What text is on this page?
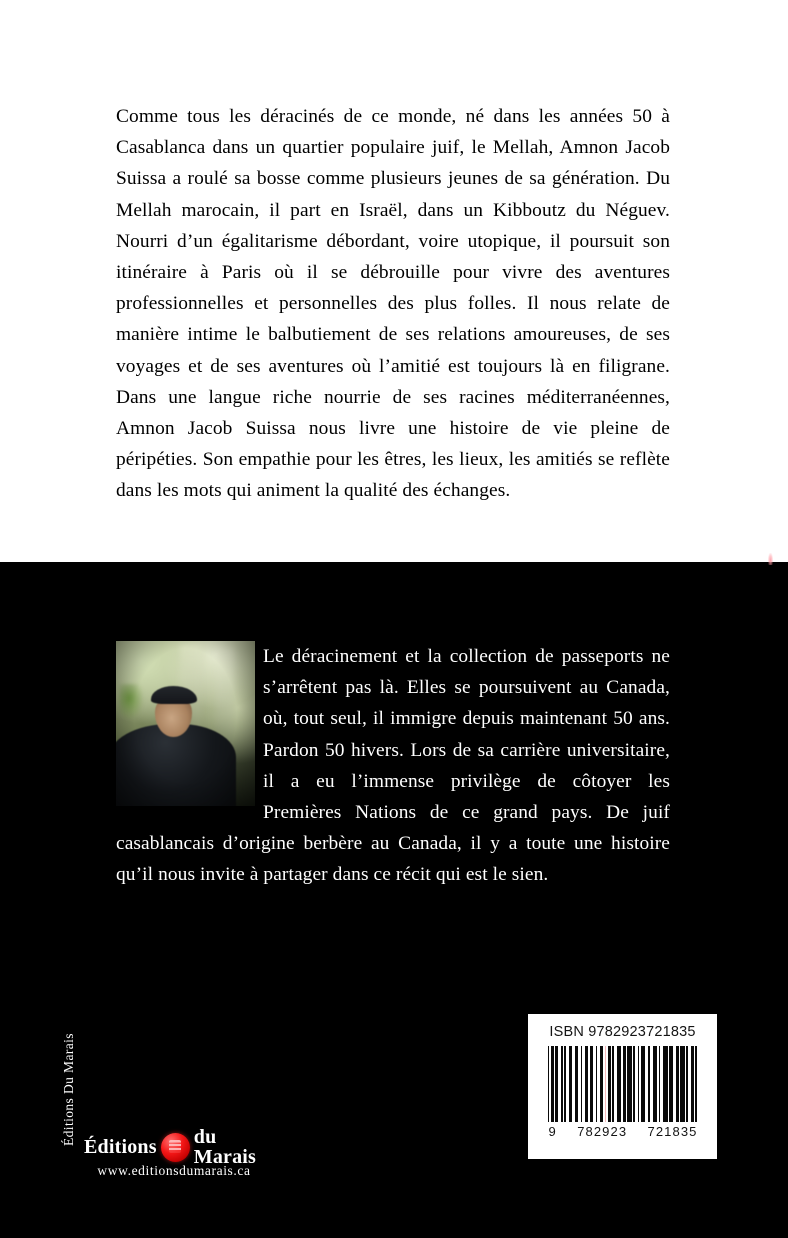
Comme tous les déracinés de ce monde, né dans les années 50 à Casablanca dans un quartier populaire juif, le Mellah, Amnon Jacob Suissa a roulé sa bosse comme plusieurs jeunes de sa génération. Du Mellah marocain, il part en Israël, dans un Kibboutz du Néguev. Nourri d’un égalitarisme débordant, voire utopique, il poursuit son itinéraire à Paris où il se débrouille pour vivre des aventures professionnelles et personnelles des plus folles. Il nous relate de manière intime le balbutiement de ses relations amoureuses, de ses voyages et de ses aventures où l’amitié est toujours là en filigrane. Dans une langue riche nourrie de ses racines méditerranéennes, Amnon Jacob Suissa nous livre une histoire de vie pleine de péripéties. Son empathie pour les êtres, les lieux, les amitiés se reflète dans les mots qui animent la qualité des échanges.
Le déracinement et la collection de passeports ne s’arrêtent pas là. Elles se poursuivent au Canada, où, tout seul, il immigre depuis maintenant 50 ans. Pardon 50 hivers. Lors de sa carrière universitaire, il a eu l’immense privilège de côtoyer les Premières Nations de ce grand pays. De juif casablancais d’origine berbère au Canada, il y a toute une histoire qu’il nous invite à partager dans ce récit qui est le sien.
Éditions du Marais
www.editionsdumarais.ca
ISBN 9782923721835
9 782923 721835
